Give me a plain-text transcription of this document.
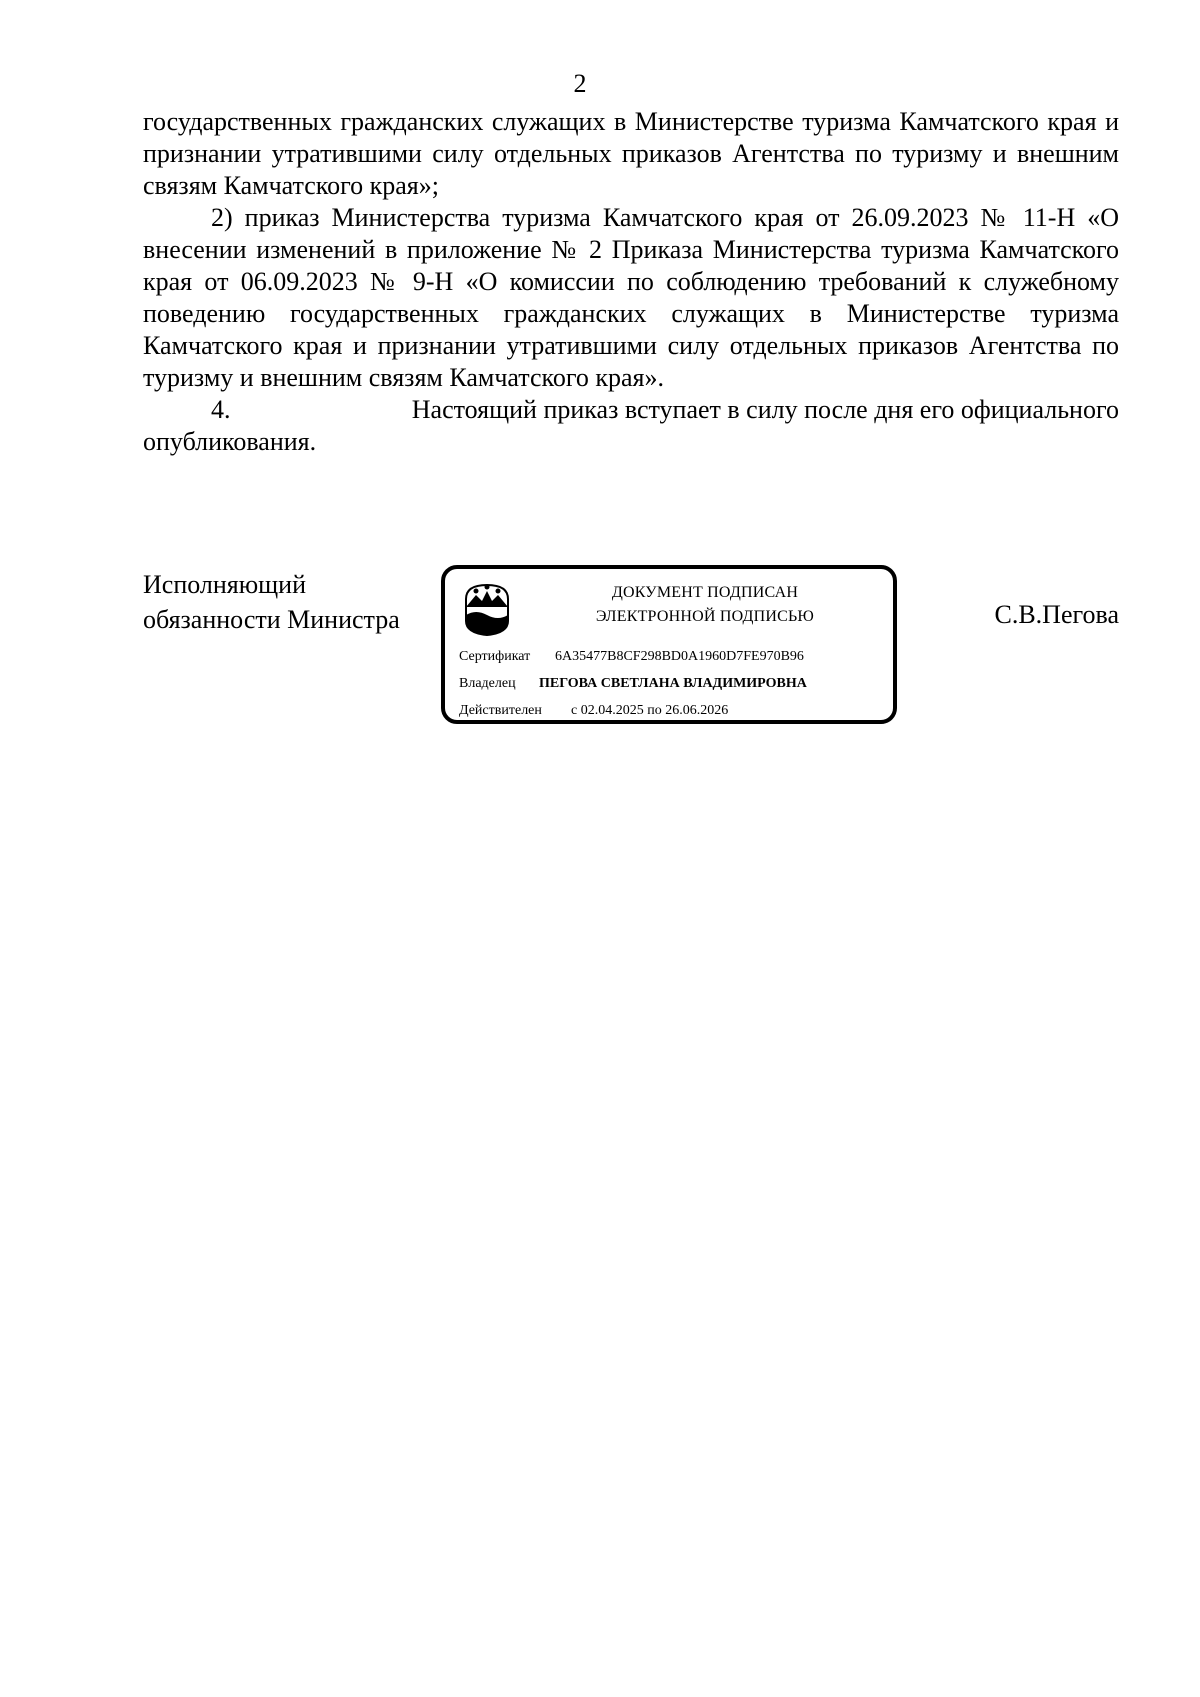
2

государственных гражданских служащих в Министерстве туризма Камчатского края и признании утратившими силу отдельных приказов Агентства по туризму и внешним связям Камчатского края»;

2) приказ Министерства туризма Камчатского края от 26.09.2023 № 11-Н «О внесении изменений в приложение № 2 Приказа Министерства туризма Камчатского края от 06.09.2023 № 9-Н «О комиссии по соблюдению требований к служебному поведению государственных гражданских служащих в Министерстве туризма Камчатского края и признании утратившими силу отдельных приказов Агентства по туризму и внешним связям Камчатского края».

4.	Настоящий приказ вступает в силу после дня его официального

опубликования.

Исполняющий
обязанности Министра
ДОКУМЕНТ ПОДПИСАН
ЭЛЕКТРОННОЙ ПОДПИСЬЮ
Сертификат 6A35477B8CF298BD0A1960D7FE970B96
Владелец ПЕГОВА СВЕТЛАНА ВЛАДИМИРОВНА
Действителен с 02.04.2025 по 26.06.2026
С.В.Пегова
